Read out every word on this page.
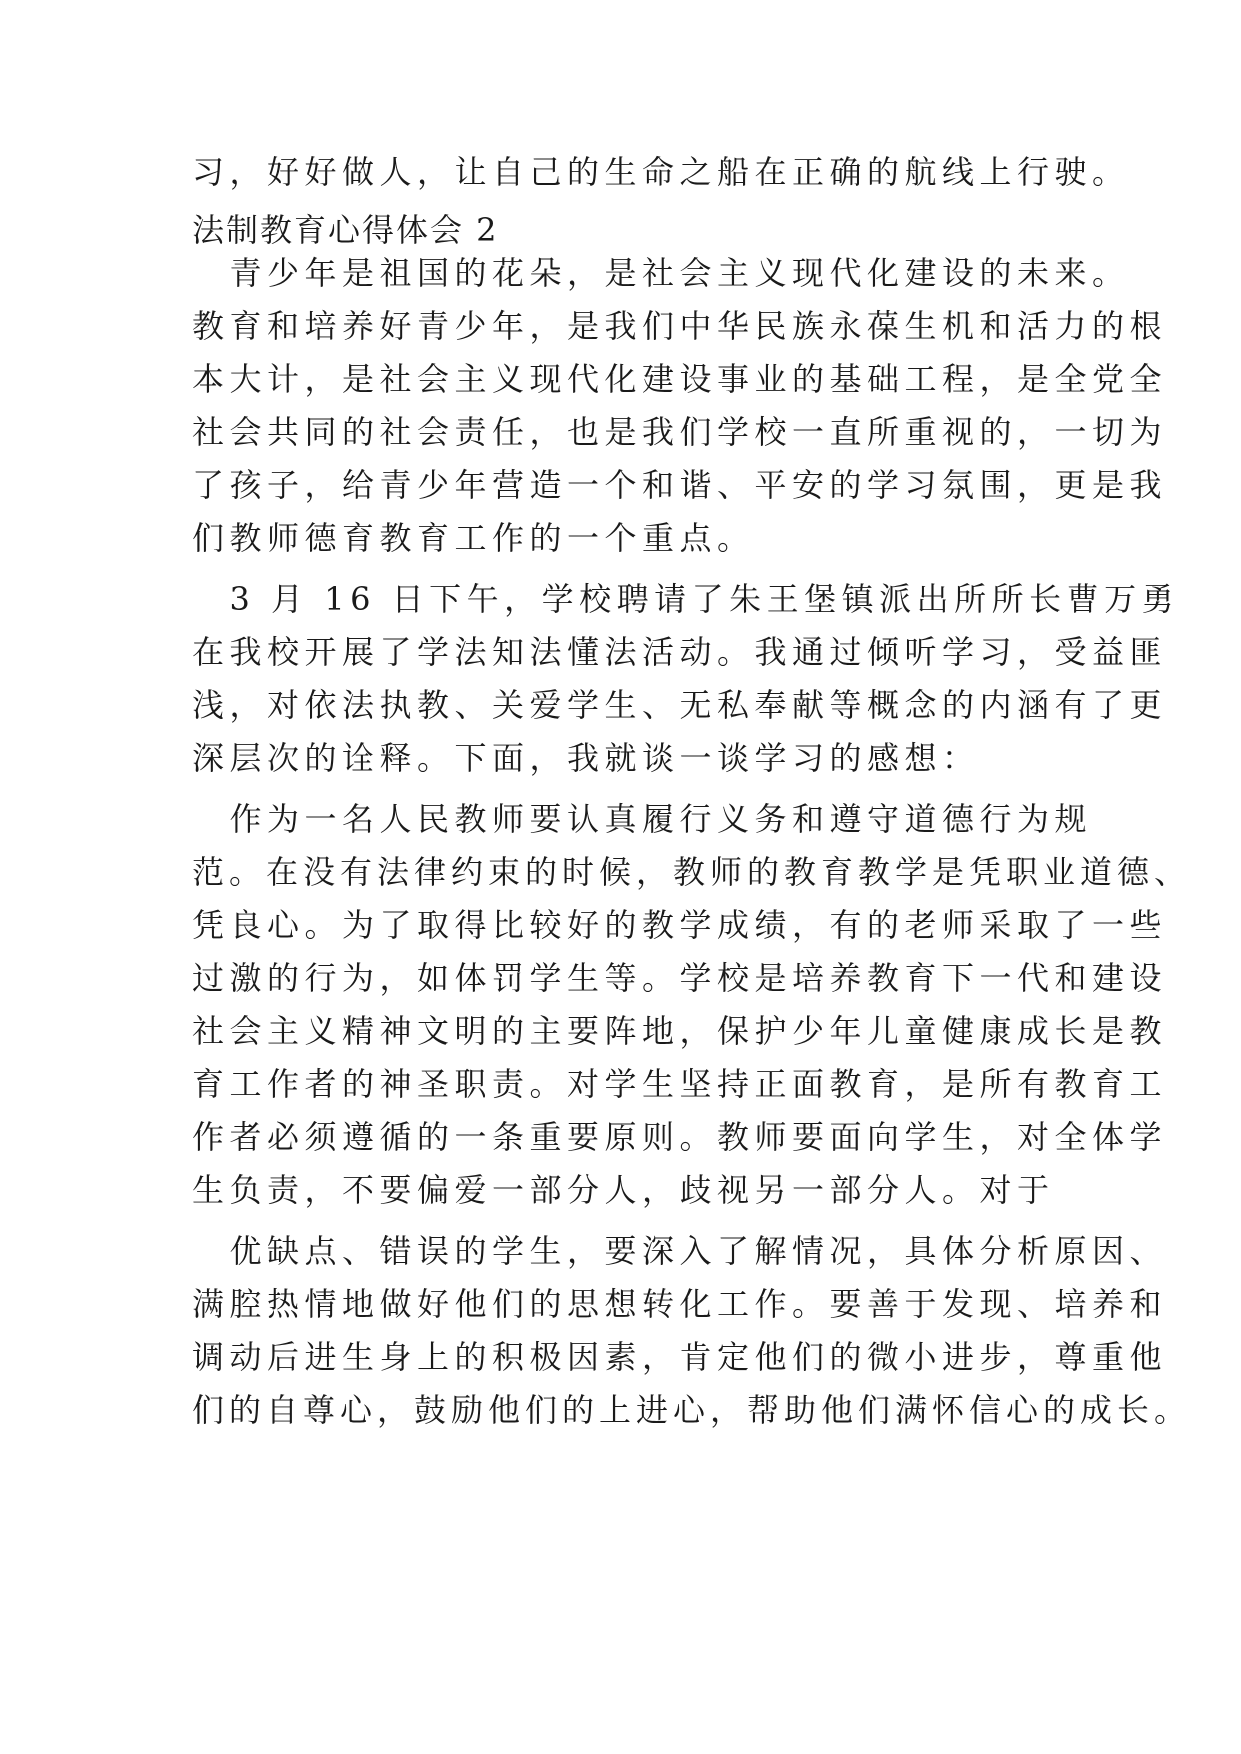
习，好好做人，让自己的生命之船在正确的航线上行驶。
法制教育心得体会 2
　青少年是祖国的花朵，是社会主义现代化建设的未来。
教育和培养好青少年，是我们中华民族永葆生机和活力的根
本大计，是社会主义现代化建设事业的基础工程，是全党全
社会共同的社会责任，也是我们学校一直所重视的，一切为
了孩子，给青少年营造一个和谐、平安的学习氛围，更是我
们教师德育教育工作的一个重点。
　3 月 16 日下午，学校聘请了朱王堡镇派出所所长曹万勇
在我校开展了学法知法懂法活动。我通过倾听学习，受益匪
浅，对依法执教、关爱学生、无私奉献等概念的内涵有了更
深层次的诠释。下面，我就谈一谈学习的感想：
　作为一名人民教师要认真履行义务和遵守道德行为规
范。在没有法律约束的时候，教师的教育教学是凭职业道德、
凭良心。为了取得比较好的教学成绩，有的老师采取了一些
过激的行为，如体罚学生等。学校是培养教育下一代和建设
社会主义精神文明的主要阵地，保护少年儿童健康成长是教
育工作者的神圣职责。对学生坚持正面教育，是所有教育工
作者必须遵循的一条重要原则。教师要面向学生，对全体学
生负责，不要偏爱一部分人，歧视另一部分人。对于
　优缺点、错误的学生，要深入了解情况，具体分析原因、
满腔热情地做好他们的思想转化工作。要善于发现、培养和
调动后进生身上的积极因素，肯定他们的微小进步，尊重他
们的自尊心，鼓励他们的上进心，帮助他们满怀信心的成长。
